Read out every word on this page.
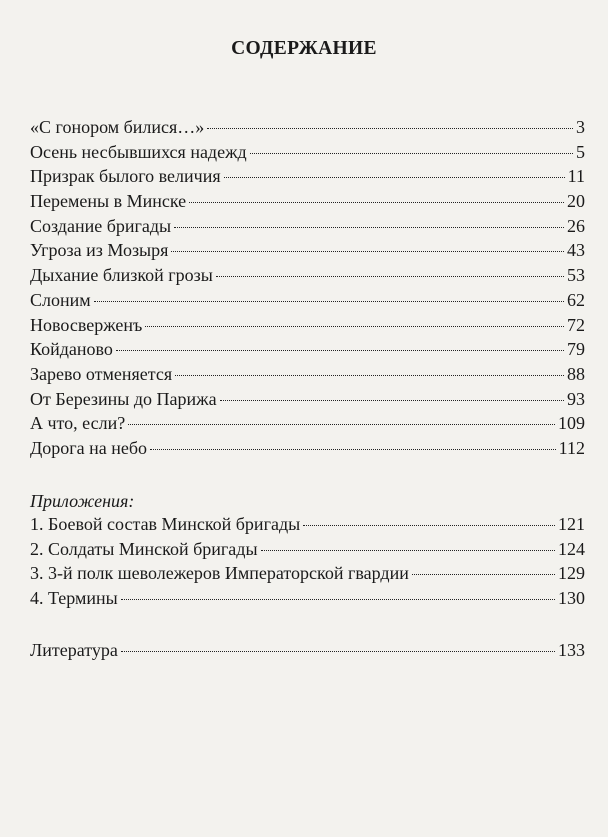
СОДЕРЖАНИЕ
«С гонором билися…»	3
Осень несбывшихся надежд	5
Призрак былого величия	11
Перемены в Минске	20
Создание бригады	26
Угроза из Мозыря	43
Дыхание близкой грозы	53
Слоним	62
Новосверженъ	72
Койданово	79
Зарево отменяется	88
От Березины до Парижа	93
А что, если?	109
Дорога на небо	112
Приложения:
1. Боевой состав Минской бригады	121
2. Солдаты Минской бригады	124
3. 3-й полк шеволежеров Императорской гвардии	129
4. Термины	130
Литература	133
